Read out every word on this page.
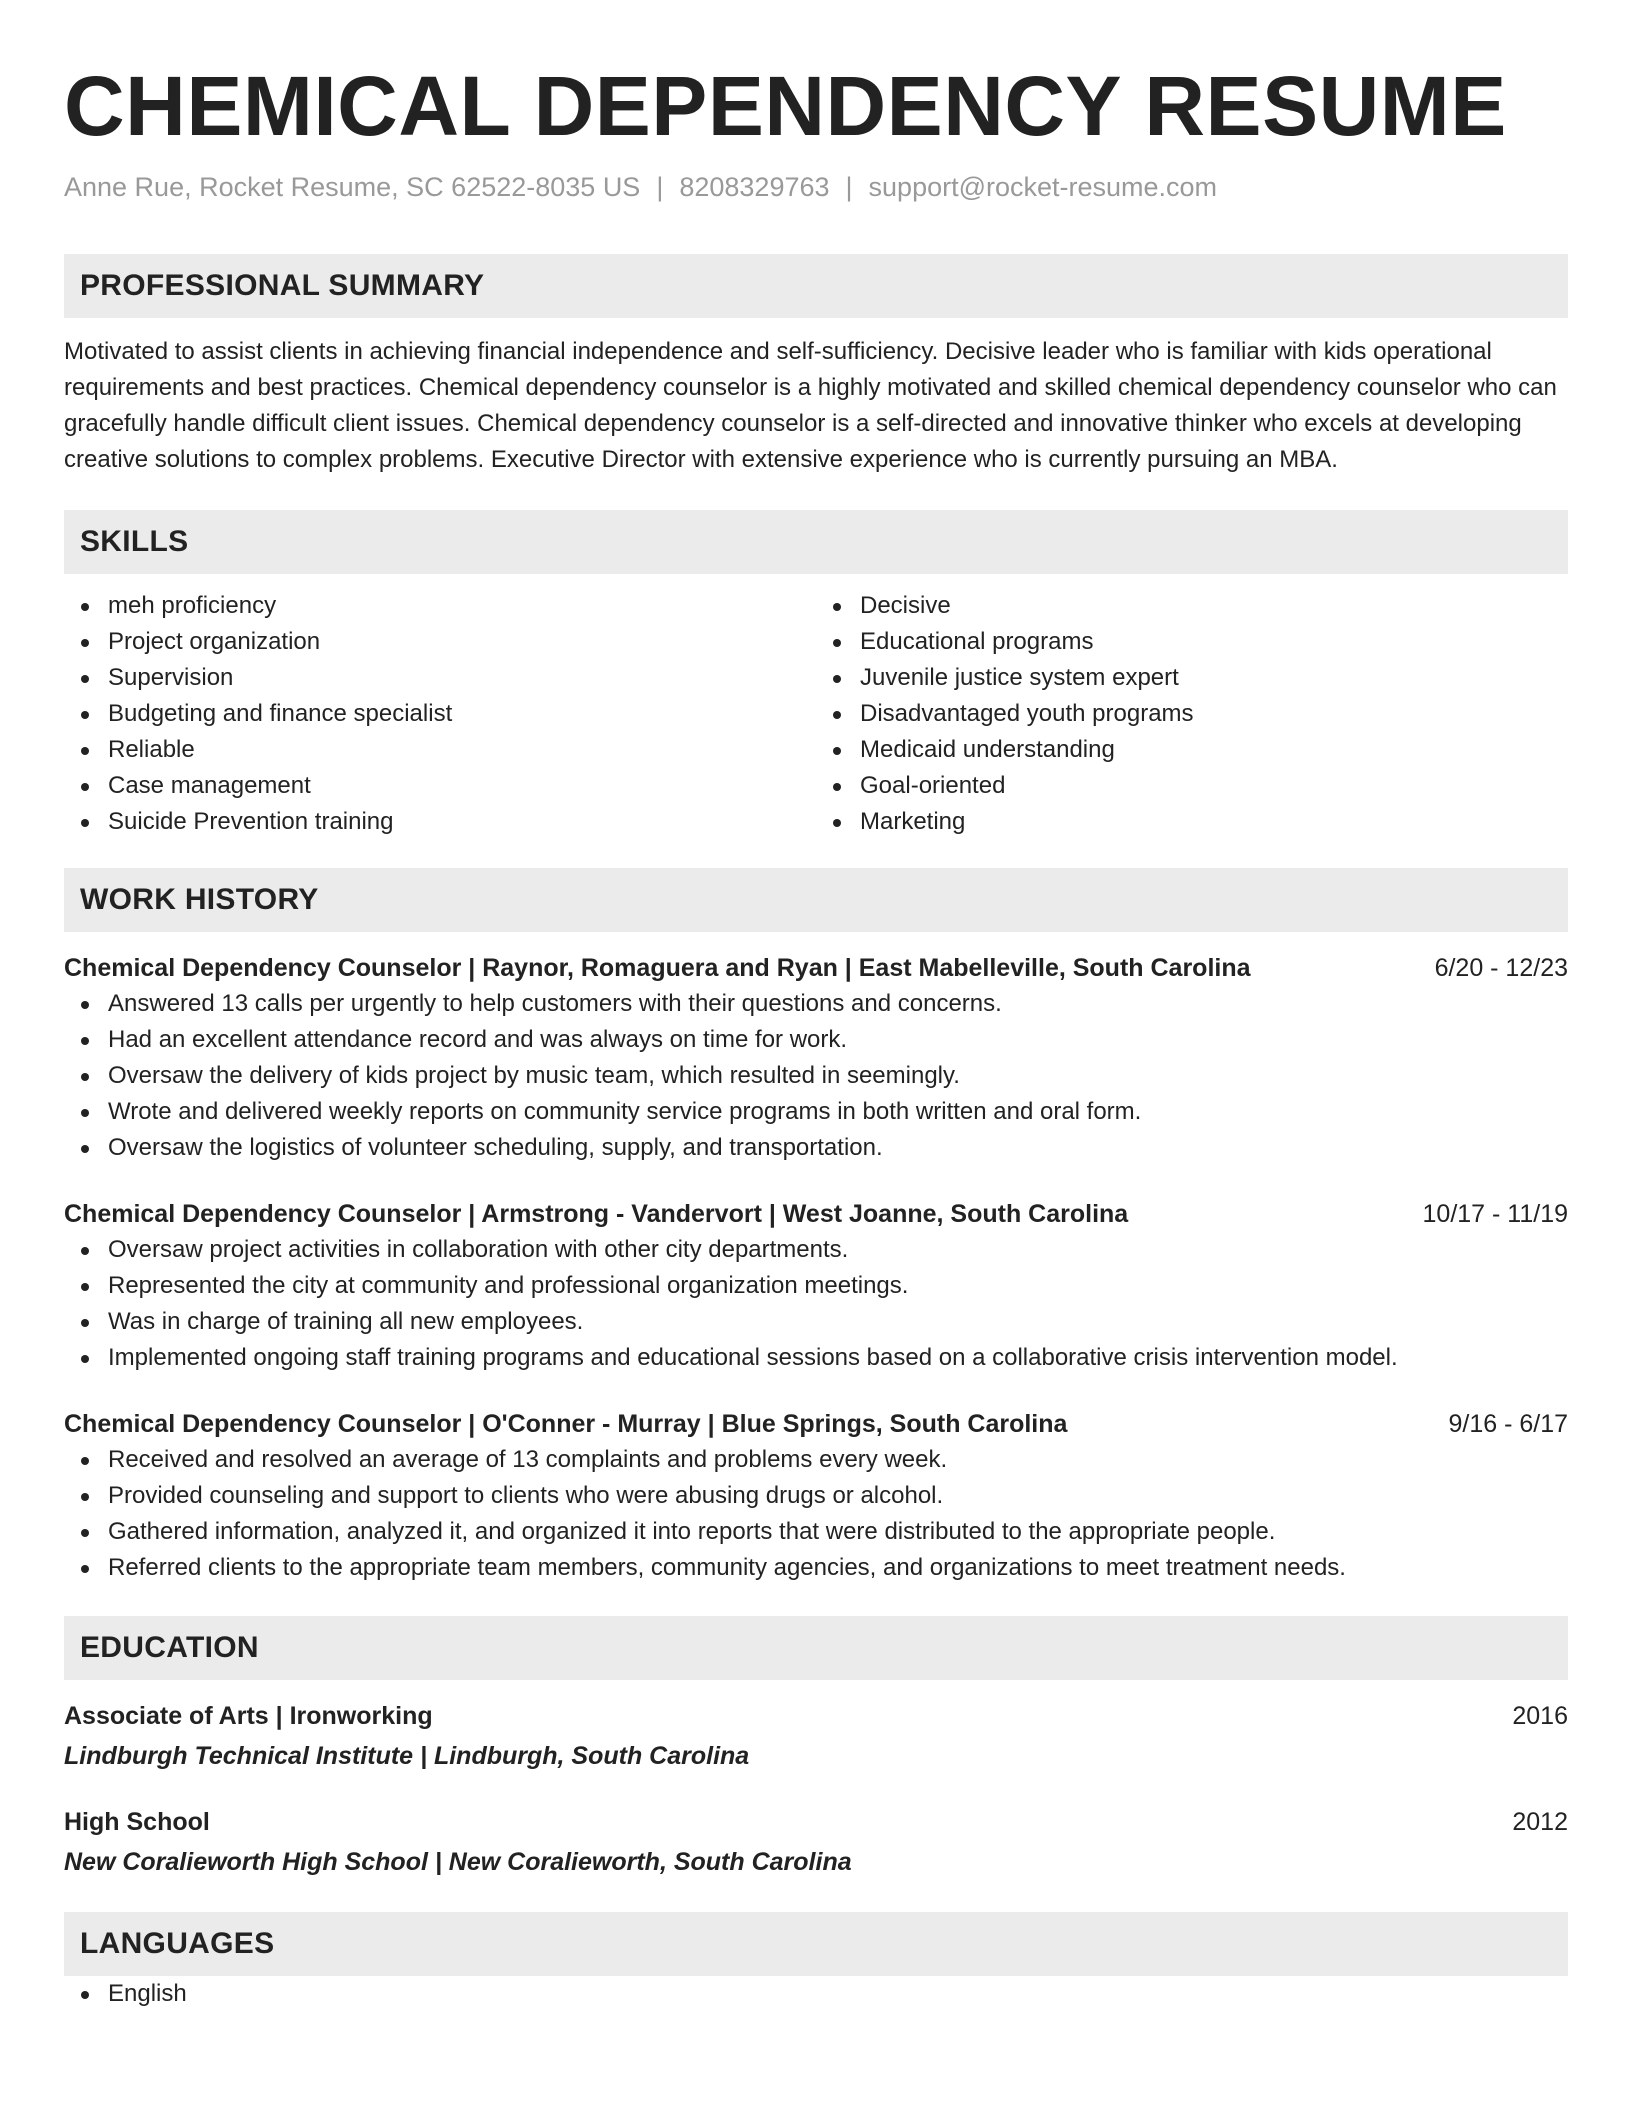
CHEMICAL DEPENDENCY RESUME
Anne Rue, Rocket Resume, SC 62522-8035 US | 8208329763 | support@rocket-resume.com
PROFESSIONAL SUMMARY
Motivated to assist clients in achieving financial independence and self-sufficiency. Decisive leader who is familiar with kids operational requirements and best practices. Chemical dependency counselor is a highly motivated and skilled chemical dependency counselor who can gracefully handle difficult client issues. Chemical dependency counselor is a self-directed and innovative thinker who excels at developing creative solutions to complex problems. Executive Director with extensive experience who is currently pursuing an MBA.
SKILLS
meh proficiency
Project organization
Supervision
Budgeting and finance specialist
Reliable
Case management
Suicide Prevention training
Decisive
Educational programs
Juvenile justice system expert
Disadvantaged youth programs
Medicaid understanding
Goal-oriented
Marketing
WORK HISTORY
Chemical Dependency Counselor | Raynor, Romaguera and Ryan | East Mabelleville, South Carolina	6/20 - 12/23
Answered 13 calls per urgently to help customers with their questions and concerns.
Had an excellent attendance record and was always on time for work.
Oversaw the delivery of kids project by music team, which resulted in seemingly.
Wrote and delivered weekly reports on community service programs in both written and oral form.
Oversaw the logistics of volunteer scheduling, supply, and transportation.
Chemical Dependency Counselor | Armstrong - Vandervort | West Joanne, South Carolina	10/17 - 11/19
Oversaw project activities in collaboration with other city departments.
Represented the city at community and professional organization meetings.
Was in charge of training all new employees.
Implemented ongoing staff training programs and educational sessions based on a collaborative crisis intervention model.
Chemical Dependency Counselor | O'Conner - Murray | Blue Springs, South Carolina	9/16 - 6/17
Received and resolved an average of 13 complaints and problems every week.
Provided counseling and support to clients who were abusing drugs or alcohol.
Gathered information, analyzed it, and organized it into reports that were distributed to the appropriate people.
Referred clients to the appropriate team members, community agencies, and organizations to meet treatment needs.
EDUCATION
Associate of Arts | Ironworking	2016
Lindburgh Technical Institute | Lindburgh, South Carolina
High School	2012
New Coralieworth High School | New Coralieworth, South Carolina
LANGUAGES
English
